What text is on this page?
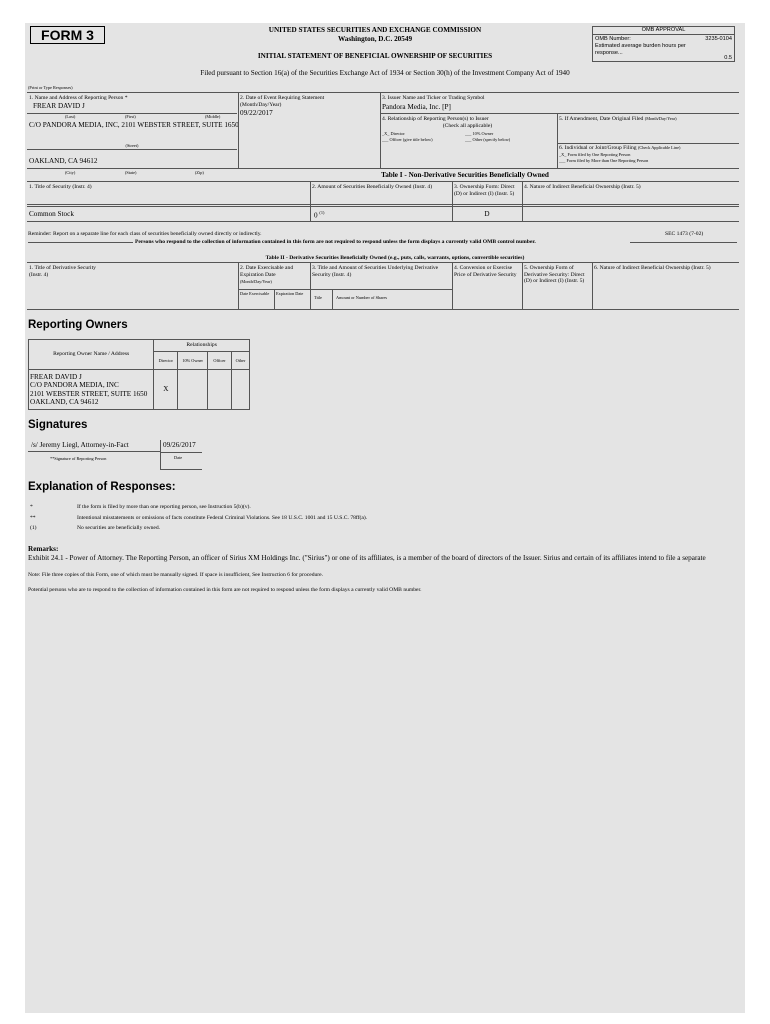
FORM 3	UNITED STATES SECURITIES AND EXCHANGE COMMISSION
Washington, D.C. 20549
INITIAL STATEMENT OF BENEFICIAL OWNERSHIP OF SECURITIES
Filed pursuant to Section 16(a) of the Securities Exchange Act of 1934 or Section 30(h) of the Investment Company Act of 1940
OMB APPROVAL
OMB Number:	3235-0104
Estimated average burden hours per response...
0.5
(Print or Type Responses)
1. Name and Address of Reporting Person *
FREAR DAVID J
(Last)	(First)	(Middle)
C/O PANDORA MEDIA, INC, 2101 WEBSTER STREET, SUITE 1650
(Street)
OAKLAND, CA 94612
(City)	(State)	(Zip)
2. Date of Event Requiring Statement (Month/Day/Year)
09/22/2017
3. Issuer Name and Ticker or Trading Symbol
Pandora Media, Inc. [P]
4. Relationship of Reporting Person(s) to Issuer
(Check all applicable)
_X_ Director	___ 10% Owner
___ Officer (give title below)	___ Other (specify below)
5. If Amendment, Date Original Filed (Month/Day/Year)
6. Individual or Joint/Group Filing (Check Applicable Line)
_X_ Form filed by One Reporting Person
___ Form filed by More than One Reporting Person
Table I - Non-Derivative Securities Beneficially Owned
1. Title of Security (Instr. 4)	2. Amount of Securities Beneficially Owned (Instr. 4)	3. Ownership Form: Direct (D) or Indirect (I) (Instr. 5)
4. Nature of Indirect Beneficial Ownership (Instr. 5)
Common Stock	0 $^{(1)}$	D
Reminder: Report on a separate line for each class of securities beneficially owned directly or indirectly.	SEC 1473 (7-02)
Persons who respond to the collection of information contained in this form are not required to respond unless the form displays a currently valid OMB control number.
Table II - Derivative Securities Beneficially Owned (e.g., puts, calls, warrants, options, convertible securities)
1. Title of Derivative Security (Instr. 4)
2. Date Exercisable and Expiration Date
(Month/Day/Year)
Date Exercisable	Expiration Date
3. Title and Amount of Securities Underlying Derivative Security (Instr. 4)
Title	Amount or Number of Shares
4. Conversion or Exercise Price of Derivative Security
5. Ownership Form of Derivative Security: Direct (D) or Indirect (I) (Instr. 5)
6. Nature of Indirect Beneficial Ownership (Instr. 5)
Reporting Owners
Reporting Owner Name / Address	Relationships			
	Director	10% Owner	Officer	Other

FREAR DAVID J
C/O PANDORA MEDIA, INC
2101 WEBSTER STREET, SUITE 1650
OAKLAND, CA 94612	X			
Signatures
/s/ Jeremy Liegl, Attorney-in-Fact	09/26/2017
**Signature of Reporting Person	Date
Explanation of Responses:
*	If the form is filed by more than one reporting person, see Instruction 5(b)(v).
**	Intentional misstatements or omissions of facts constitute Federal Criminal Violations. See 18 U.S.C. 1001 and 15 U.S.C. 78ff(a).
(1)	No securities are beneficially owned.
Remarks:
Exhibit 24.1 - Power of Attorney. The Reporting Person, an officer of Sirius XM Holdings Inc. ("Sirius") or one of its affiliates, is a member of the board of directors of the Issuer. Sirius and certain of its affiliates intend to file a separate
Note: File three copies of this Form, one of which must be manually signed. If space is insufficient, See Instruction 6 for procedure.
Potential persons who are to respond to the collection of information contained in this form are not required to respond unless the form displays a currently valid OMB number.
